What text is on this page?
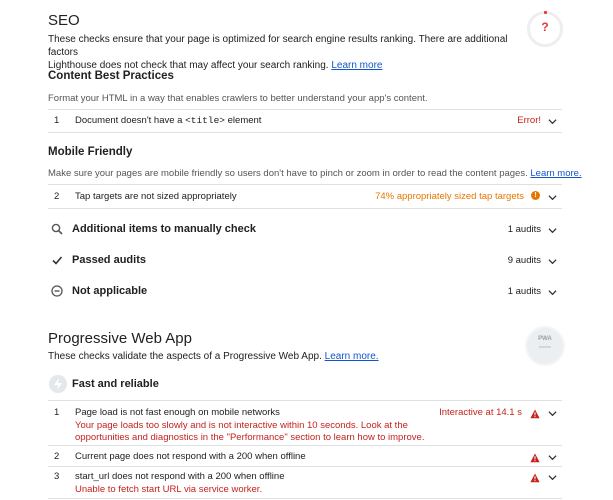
SEO
These checks ensure that your page is optimized for search engine results ranking. There are additional factors
Lighthouse does not check that may affect your search ranking. Learn more
?
Content Best Practices
Format your HTML in a way that enables crawlers to better understand your app's content.
1 Document doesn't have a <title> element	Error!
Mobile Friendly
Make sure your pages are mobile friendly so users don't have to pinch or zoom in order to read the content pages. Learn more.
2 Tap targets are not sized appropriately	74% appropriately sized tap targets	!
Additional items to manually check	1 audits
Passed audits	9 audits
Not applicable	1 audits
Progressive Web App
These checks validate the aspects of a Progressive Web App. Learn more.
PWA
Fast and reliable
1 Page load is not fast enough on mobile networks	Interactive at 14.1 s
Your page loads too slowly and is not interactive within 10 seconds. Look at the
opportunities and diagnostics in the "Performance" section to learn how to improve.
2 Current page does not respond with a 200 when offline
3 start_url does not respond with a 200 when offline
Unable to fetch start URL via service worker.
